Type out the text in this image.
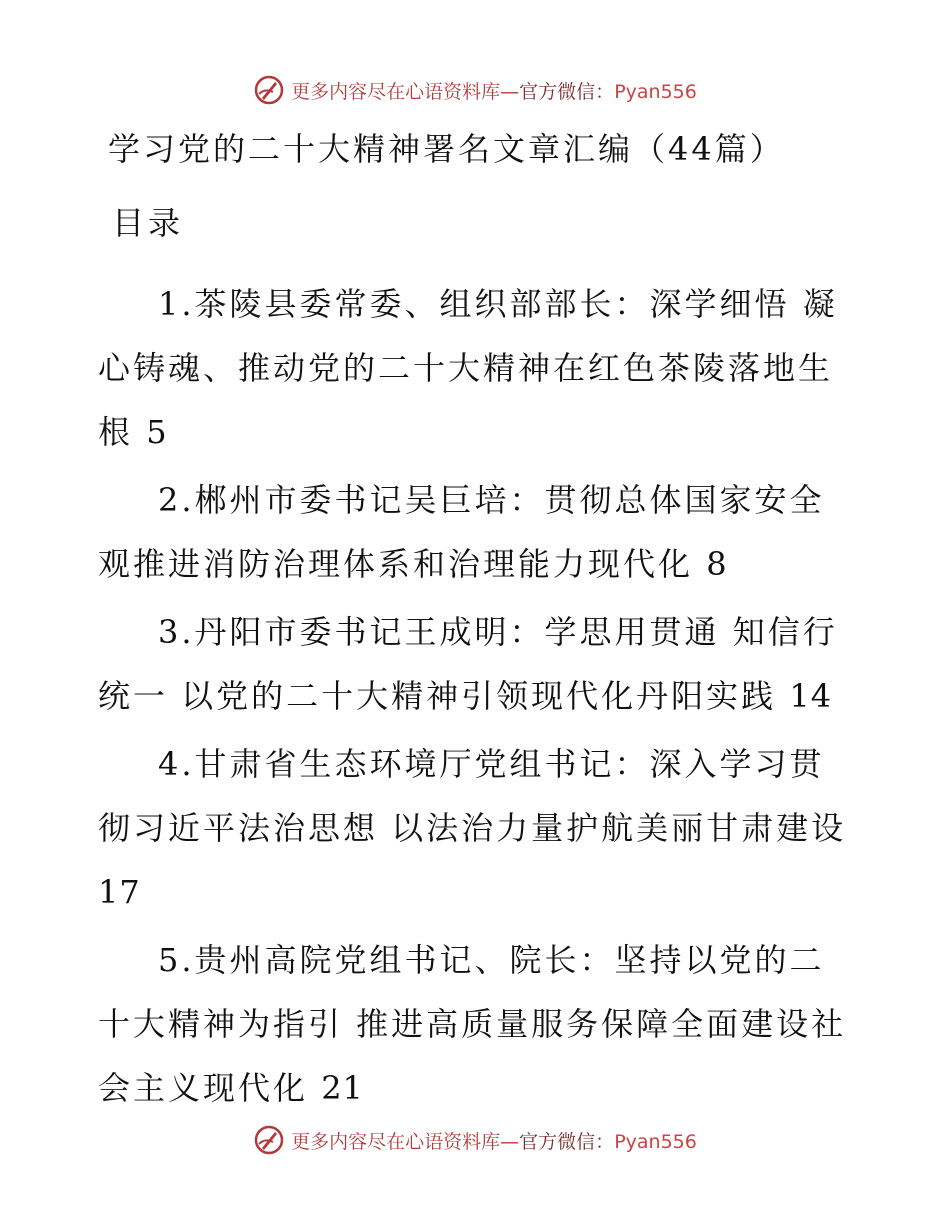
更多内容尽在心语资料库—官方微信：Pyan556
学习党的二十大精神署名文章汇编（44篇）
目录
1.茶陵县委常委、组织部部长：深学细悟 凝心铸魂、推动党的二十大精神在红色茶陵落地生根 5
2.郴州市委书记吴巨培：贯彻总体国家安全观推进消防治理体系和治理能力现代化 8
3.丹阳市委书记王成明：学思用贯通 知信行统一 以党的二十大精神引领现代化丹阳实践 14
4.甘肃省生态环境厅党组书记：深入学习贯彻习近平法治思想 以法治力量护航美丽甘肃建设 17
5.贵州高院党组书记、院长：坚持以党的二十大精神为指引 推进高质量服务保障全面建设社会主义现代化 21
更多内容尽在心语资料库—官方微信：Pyan556
